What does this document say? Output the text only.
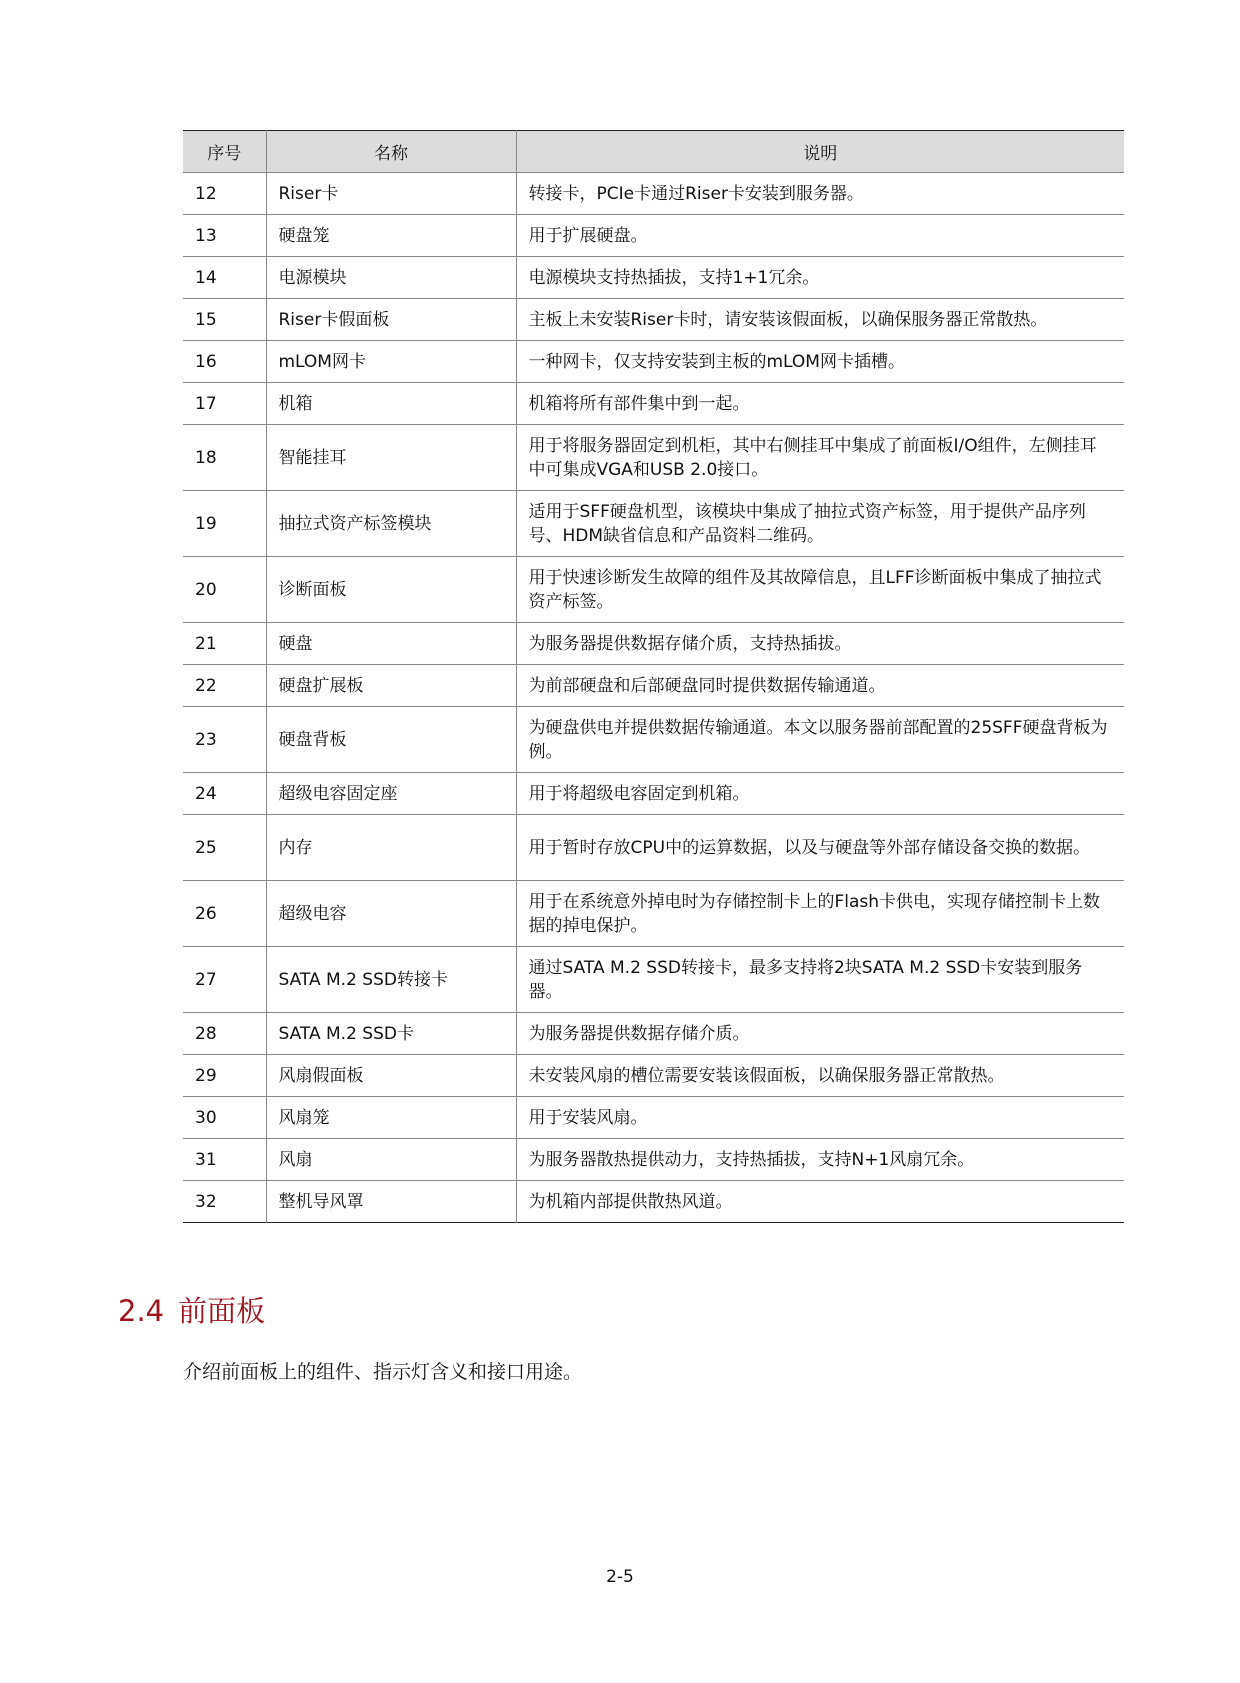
序号	名称	说明
12	Riser卡	转接卡，PCIe卡通过Riser卡安装到服务器。
13	硬盘笼	用于扩展硬盘。
14	电源模块	电源模块支持热插拔，支持1+1冗余。
15	Riser卡假面板	主板上未安装Riser卡时，请安装该假面板，以确保服务器正常散热。
16	mLOM网卡	一种网卡，仅支持安装到主板的mLOM网卡插槽。
17	机箱	机箱将所有部件集中到一起。
18	智能挂耳	用于将服务器固定到机柜，其中右侧挂耳中集成了前面板I/O组件，左侧挂耳中可集成VGA和USB 2.0接口。
19	抽拉式资产标签模块	适用于SFF硬盘机型，该模块中集成了抽拉式资产标签，用于提供产品序列号、HDM缺省信息和产品资料二维码。
20	诊断面板	用于快速诊断发生故障的组件及其故障信息，且LFF诊断面板中集成了抽拉式资产标签。
21	硬盘	为服务器提供数据存储介质，支持热插拔。
22	硬盘扩展板	为前部硬盘和后部硬盘同时提供数据传输通道。
23	硬盘背板	为硬盘供电并提供数据传输通道。本文以服务器前部配置的25SFF硬盘背板为例。
24	超级电容固定座	用于将超级电容固定到机箱。
25	内存	用于暂时存放CPU中的运算数据，以及与硬盘等外部存储设备交换的数据。
26	超级电容	用于在系统意外掉电时为存储控制卡上的Flash卡供电，实现存储控制卡上数据的掉电保护。
27	SATA M.2 SSD转接卡	通过SATA M.2 SSD转接卡，最多支持将2块SATA M.2 SSD卡安装到服务器。
28	SATA M.2 SSD卡	为服务器提供数据存储介质。
29	风扇假面板	未安装风扇的槽位需要安装该假面板，以确保服务器正常散热。
30	风扇笼	用于安装风扇。
31	风扇	为服务器散热提供动力，支持热插拔，支持N+1风扇冗余。
32	整机导风罩	为机箱内部提供散热风道。
2.4 前面板

介绍前面板上的组件、指示灯含义和接口用途。

2-5
